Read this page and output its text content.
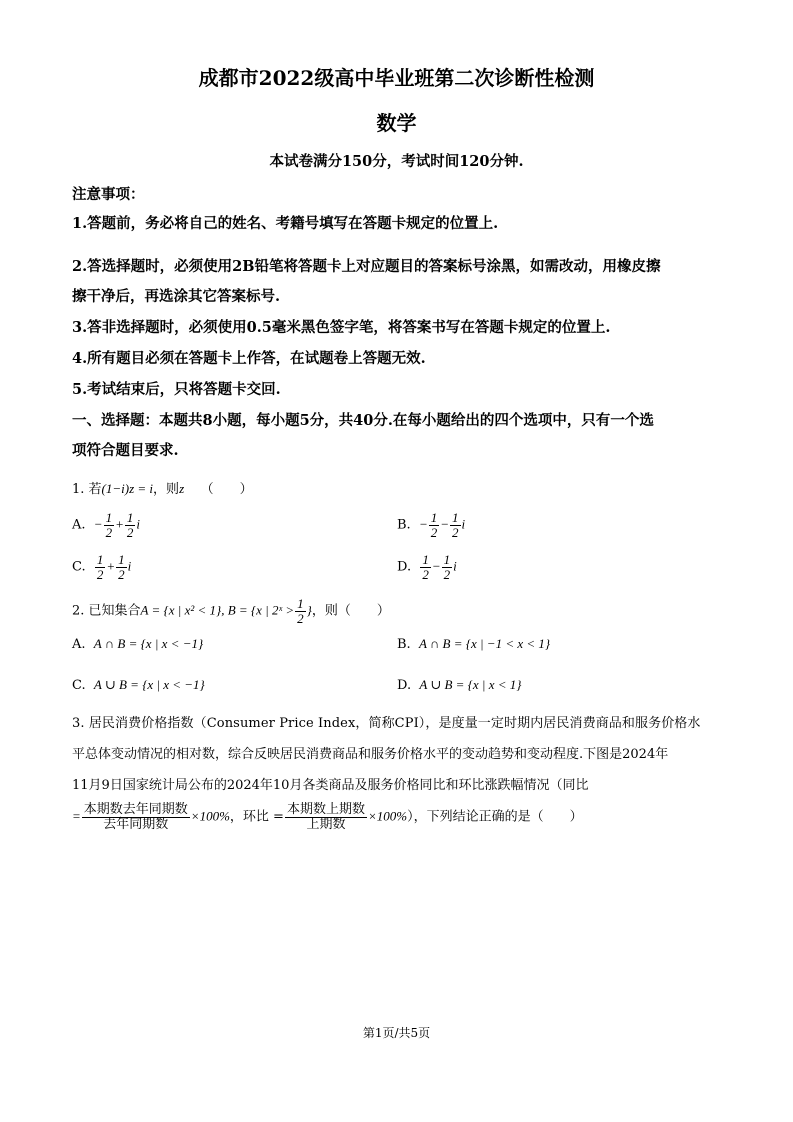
成都市2022级高中毕业班第二次诊断性检测
数学
本试卷满分150分，考试时间120分钟.
注意事项：
1.答题前，务必将自己的姓名、考籍号填写在答题卡规定的位置上.
2.答选择题时，必须使用2B铅笔将答题卡上对应题目的答案标号涂黑，如需改动，用橡皮擦
擦干净后，再选涂其它答案标号.
3.答非选择题时，必须使用0.5毫米黑色签字笔，将答案书写在答题卡规定的位置上.
4.所有题目必须在答题卡上作答，在试题卷上答题无效.
5.考试结束后，只将答题卡交回.
一、选择题：本题共8小题，每小题5分，共40分.在每小题给出的四个选项中，只有一个选
项符合题目要求.
1. 若(1−i)z = i，则z （　　）
A. − $\frac{1}{2} + \frac{1}{2}$ i	B. − $\frac{1}{2} - \frac{1}{2}$ i
C. $\frac{1}{2} + \frac{1}{2}$ i	D. $\frac{1}{2} - \frac{1}{2}$ i
2. 已知集合A = {x | x² < 1}, B = {x | 2ˣ > $\frac{1}{2}$ }，则（　　）
A. A ∩ B = {x | x < −1}	B. A ∩ B = {x | −1 < x < 1}
C. A ∪ B = {x | x < −1}	D. A ∪ B = {x | x < 1}
3. 居民消费价格指数（Consumer Price Index，简称CPI），是度量一定时期内居民消费商品和服务价格水
平总体变动情况的相对数，综合反映居民消费商品和服务价格水平的变动趋势和变动程度.下图是2024年
11月9日国家统计局公布的2024年10月各类商品及服务价格同比和环比涨跌幅情况（同比
= $\frac{\text{本期数去年同期数}}{\text{去年同期数}} \times 100\%$，环比 = $\frac{\text{本期数上期数}}{\text{上期数}} \times 100\%$），下列结论正确的是（　　）
第1页/共5页
